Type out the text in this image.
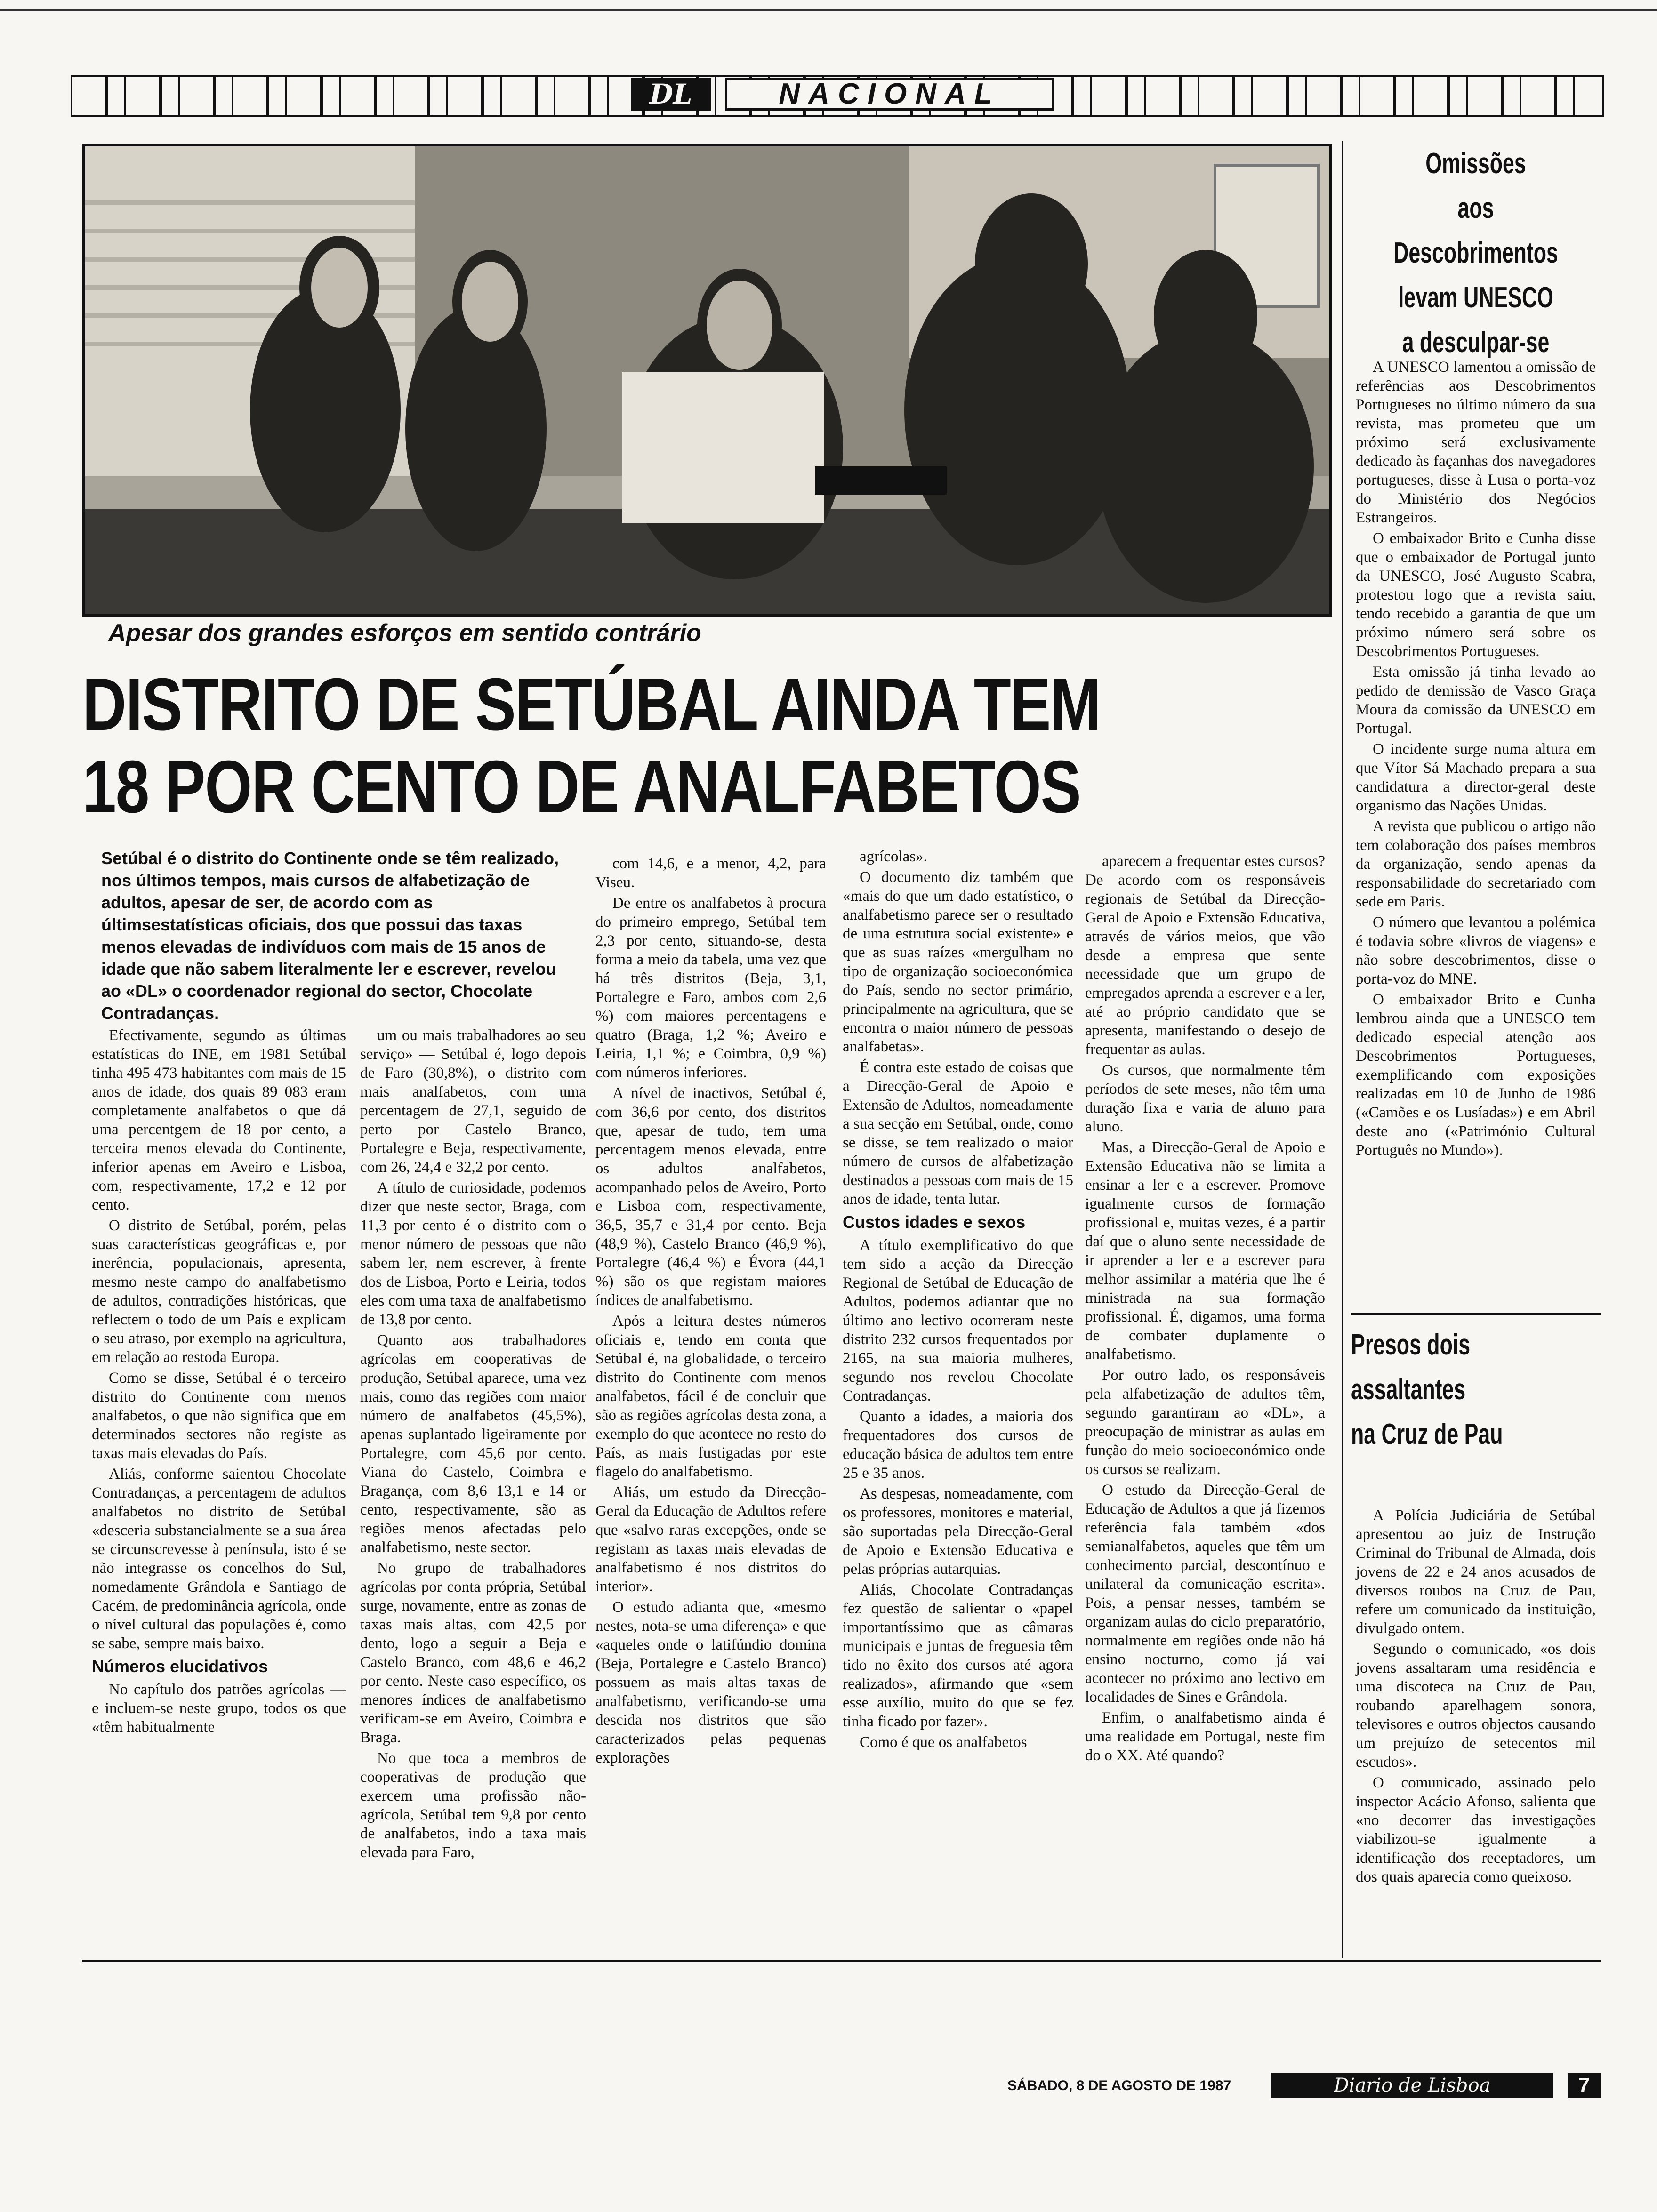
DL	NACIONAL
Apesar dos grandes esforços em sentido contrário
DISTRITO DE SETÚBAL AINDA TEM
18 POR CENTO DE ANALFABETOS
Setúbal é o distrito do Continente onde se têm realizado, nos últimos tempos, mais cursos de alfabetização de adultos, apesar de ser, de acordo com as últimsestatísticas oficiais, dos que possui das taxas menos elevadas de indivíduos com mais de 15 anos de idade que não sabem literalmente ler e escrever, revelou ao «DL» o coordenador regional do sector, Chocolate Contradanças.

Efectivamente, segundo as últimas estatísticas do INE, em 1981 Setúbal tinha 495 473 habitantes com mais de 15 anos de idade, dos quais 89 083 eram completamente analfabetos o que dá uma percentgem de 18 por cento, a terceira menos elevada do Continente, inferior apenas em Aveiro e Lisboa, com, respectivamente, 17,2 e 12 por cento.

O distrito de Setúbal, porém, pelas suas características geográficas e, por inerência, populacionais, apresenta, mesmo neste campo do analfabetismo de adultos, contradições históricas, que reflectem o todo de um País e explicam o seu atraso, por exemplo na agricultura, em relação ao restoda Europa.

Como se disse, Setúbal é o terceiro distrito do Continente com menos analfabetos, o que não significa que em determinados sectores não registe as taxas mais elevadas do País.

Aliás, conforme saientou Chocolate Contradanças, a percentagem de adultos analfabetos no distrito de Setúbal «desceria substancialmente se a sua área se circunscrevesse à península, isto é se não integrasse os concelhos do Sul, nomedamente Grândola e Santiago de Cacém, de predominância agrícola, onde o nível cultural das populações é, como se sabe, sempre mais baixo.

Números elucidativos

No capítulo dos patrões agrícolas — e incluem-se neste grupo, todos os que «têm habitualmente

um ou mais trabalhadores ao seu serviço» — Setúbal é, logo depois de Faro (30,8%), o distrito com mais analfabetos, com uma percentagem de 27,1, seguido de perto por Castelo Branco, Portalegre e Beja, respectivamente, com 26, 24,4 e 32,2 por cento.

A título de curiosidade, podemos dizer que neste sector, Braga, com 11,3 por cento é o distrito com o menor número de pessoas que não sabem ler, nem escrever, à frente dos de Lisboa, Porto e Leiria, todos eles com uma taxa de analfabetismo de 13,8 por cento.

Quanto aos trabalhadores agrícolas em cooperativas de produção, Setúbal aparece, uma vez mais, como das regiões com maior número de analfabetos (45,5%), apenas suplantado ligeiramente por Portalegre, com 45,6 por cento. Viana do Castelo, Coimbra e Bragança, com 8,6 13,1 e 14 or cento, respectivamente, são as regiões menos afectadas pelo analfabetismo, neste sector.

No grupo de trabalhadores agrícolas por conta própria, Setúbal surge, novamente, entre as zonas de taxas mais altas, com 42,5 por dento, logo a seguir a Beja e Castelo Branco, com 48,6 e 46,2 por cento. Neste caso específico, os menores índices de analfabetismo verificam-se em Aveiro, Coimbra e Braga.

No que toca a membros de cooperativas de produção que exercem uma profissão não-agrícola, Setúbal tem 9,8 por cento de analfabetos, indo a taxa mais elevada para Faro,

com 14,6, e a menor, 4,2, para Viseu.

De entre os analfabetos à procura do primeiro emprego, Setúbal tem 2,3 por cento, situando-se, desta forma a meio da tabela, uma vez que há três distritos (Beja, 3,1, Portalegre e Faro, ambos com 2,6 %) com maiores percentagens e quatro (Braga, 1,2 %; Aveiro e Leiria, 1,1 %; e Coimbra, 0,9 %) com números inferiores.

A nível de inactivos, Setúbal é, com 36,6 por cento, dos distritos que, apesar de tudo, tem uma percentagem menos elevada, entre os adultos analfabetos, acompanhado pelos de Aveiro, Porto e Lisboa com, respectivamente, 36,5, 35,7 e 31,4 por cento. Beja (48,9 %), Castelo Branco (46,9 %), Portalegre (46,4 %) e Évora (44,1 %) são os que registam maiores índices de analfabetismo.

Após a leitura destes números oficiais e, tendo em conta que Setúbal é, na globalidade, o terceiro distrito do Continente com menos analfabetos, fácil é de concluir que são as regiões agrícolas desta zona, a exemplo do que acontece no resto do País, as mais fustigadas por este flagelo do analfabetismo.

Aliás, um estudo da Direcção-Geral da Educação de Adultos refere que «salvo raras excepções, onde se registam as taxas mais elevadas de analfabetismo é nos distritos do interior».

O estudo adianta que, «mesmo nestes, nota-se uma diferença» e que «aqueles onde o latifúndio domina (Beja, Portalegre e Castelo Branco) possuem as mais altas taxas de analfabetismo, verificando-se uma descida nos distritos que são caracterizados pelas pequenas explorações

agrícolas».

O documento diz também que «mais do que um dado estatístico, o analfabetismo parece ser o resultado de uma estrutura social existente» e que as suas raízes «mergulham no tipo de organização socioeconómica do País, sendo no sector primário, principalmente na agricultura, que se encontra o maior número de pessoas analfabetas».

É contra este estado de coisas que a Direcção-Geral de Apoio e Extensão de Adultos, nomeadamente a sua secção em Setúbal, onde, como se disse, se tem realizado o maior número de cursos de alfabetização destinados a pessoas com mais de 15 anos de idade, tenta lutar.

Custos idades e sexos

A título exemplificativo do que tem sido a acção da Direcção Regional de Setúbal de Educação de Adultos, podemos adiantar que no último ano lectivo ocorreram neste distrito 232 cursos frequentados por 2165, na sua maioria mulheres, segundo nos revelou Chocolate Contradanças.

Quanto a idades, a maioria dos frequentadores dos cursos de educação básica de adultos tem entre 25 e 35 anos.

As despesas, nomeadamente, com os professores, monitores e material, são suportadas pela Direcção-Geral de Apoio e Extensão Educativa e pelas próprias autarquias.

Aliás, Chocolate Contradanças fez questão de salientar o «papel importantíssimo que as câmaras municipais e juntas de freguesia têm tido no êxito dos cursos até agora realizados», afirmando que «sem esse auxílio, muito do que se fez tinha ficado por fazer».

Como é que os analfabetos

aparecem a frequentar estes cursos? De acordo com os responsáveis regionais de Setúbal da Direcção-Geral de Apoio e Extensão Educativa, através de vários meios, que vão desde a empresa que sente necessidade que um grupo de empregados aprenda a escrever e a ler, até ao próprio candidato que se apresenta, manifestando o desejo de frequentar as aulas.

Os cursos, que normalmente têm períodos de sete meses, não têm uma duração fixa e varia de aluno para aluno.

Mas, a Direcção-Geral de Apoio e Extensão Educativa não se limita a ensinar a ler e a escrever. Promove igualmente cursos de formação profissional e, muitas vezes, é a partir daí que o aluno sente necessidade de ir aprender a ler e a escrever para melhor assimilar a matéria que lhe é ministrada na sua formação profissional. É, digamos, uma forma de combater duplamente o analfabetismo.

Por outro lado, os responsáveis pela alfabetização de adultos têm, segundo garantiram ao «DL», a preocupação de ministrar as aulas em função do meio socioeconómico onde os cursos se realizam.

O estudo da Direcção-Geral de Educação de Adultos a que já fizemos referência fala também «dos semianalfabetos, aqueles que têm um conhecimento parcial, descontínuo e unilateral da comunicação escrita». Pois, a pensar nesses, também se organizam aulas do ciclo preparatório, normalmente em regiões onde não há ensino nocturno, como já vai acontecer no próximo ano lectivo em localidades de Sines e Grândola.

Enfim, o analfabetismo ainda é uma realidade em Portugal, neste fim do o XX. Até quando?

Omissões
aos Descobrimentos
levam UNESCO
a desculpar-se

A UNESCO lamentou a omissão de referências aos Descobrimentos Portugueses no último número da sua revista, mas prometeu que um próximo será exclusivamente dedicado às façanhas dos navegadores portugueses, disse à Lusa o porta-voz do Ministério dos Negócios Estrangeiros.

O embaixador Brito e Cunha disse que o embaixador de Portugal junto da UNESCO, José Augusto Scabra, protestou logo que a revista saiu, tendo recebido a garantia de que um próximo número será sobre os Descobrimentos Portugueses.

Esta omissão já tinha levado ao pedido de demissão de Vasco Graça Moura da comissão da UNESCO em Portugal.

O incidente surge numa altura em que Vítor Sá Machado prepara a sua candidatura a director-geral deste organismo das Nações Unidas.

A revista que publicou o artigo não tem colaboração dos países membros da organização, sendo apenas da responsabilidade do secretariado com sede em Paris.

O número que levantou a polémica é todavia sobre «livros de viagens» e não sobre descobrimentos, disse o porta-voz do MNE.

O embaixador Brito e Cunha lembrou ainda que a UNESCO tem dedicado especial atenção aos Descobrimentos Portugueses, exemplificando com exposições realizadas em 10 de Junho de 1986 («Camões e os Lusíadas») e em Abril deste ano («Património Cultural Português no Mundo»).

Presos dois
assaltantes
na Cruz de Pau

A Polícia Judiciária de Setúbal apresentou ao juiz de Instrução Criminal do Tribunal de Almada, dois jovens de 22 e 24 anos acusados de diversos roubos na Cruz de Pau, refere um comunicado da instituição, divulgado ontem.

Segundo o comunicado, «os dois jovens assaltaram uma residência e uma discoteca na Cruz de Pau, roubando aparelhagem sonora, televisores e outros objectos causando um prejuízo de setecentos mil escudos».

O comunicado, assinado pelo inspector Acácio Afonso, salienta que «no decorrer das investigações viabilizou-se igualmente a identificação dos receptadores, um dos quais aparecia como queixoso.

SÁBADO, 8 DE AGOSTO DE 1987	Diario de Lisboa	7
